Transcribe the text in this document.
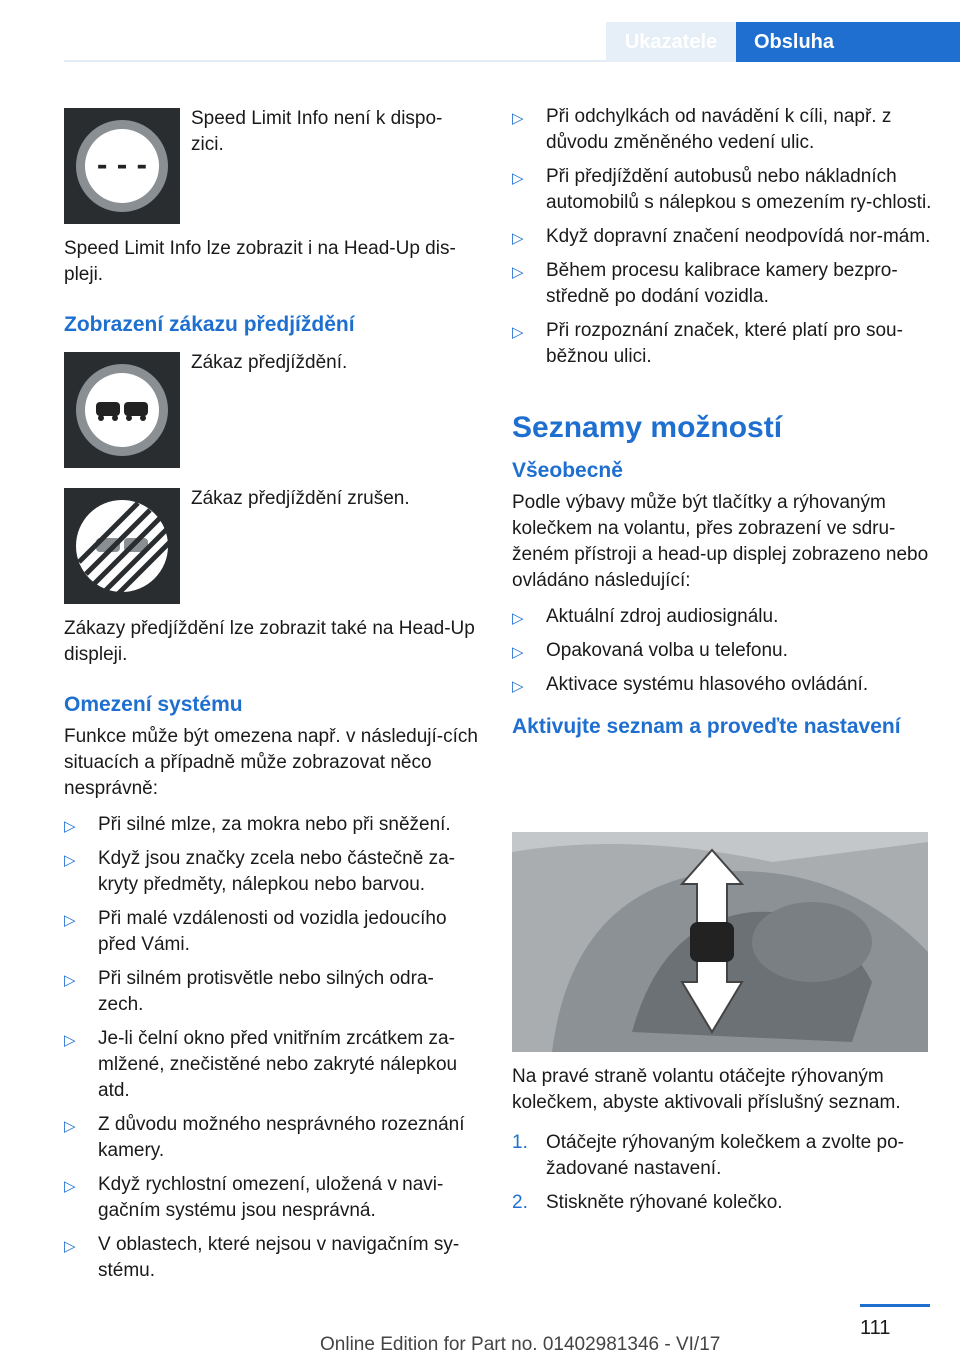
Ukazatele	Obsluha
- - -
Speed Limit Info není k dispo-zici.

Speed Limit Info lze zobrazit i na Head-Up dis-pleji.

Zobrazení zákazu předjíždění
Zákaz předjíždění.
Zákaz předjíždění zrušen.

Zákazy předjíždění lze zobrazit také na Head-Up displeji.

Omezení systému

Funkce může být omezena např. v následují-cích situacích a případně může zobrazovat něco nesprávně:

▷ Při silné mlze, za mokra nebo při sněžení.
▷ Když jsou značky zcela nebo částečně za-kryty předměty, nálepkou nebo barvou.
▷ Při malé vzdálenosti od vozidla jedoucího před Vámi.
▷ Při silném protisvětle nebo silných odra-zech.
▷ Je-li čelní okno před vnitřním zrcátkem za-mlžené, znečistěné nebo zakryté nálepkou atd.
▷ Z důvodu možného nesprávného rozeznání kamery.
▷ Když rychlostní omezení, uložená v navi-gačním systému jsou nesprávná.
▷ V oblastech, které nejsou v navigačním sy-stému.
▷ Při odchylkách od navádění k cíli, např. z důvodu změněného vedení ulic.
▷ Při předjíždění autobusů nebo nákladních automobilů s nálepkou s omezením ry-chlosti.
▷ Když dopravní značení neodpovídá nor-mám.
▷ Během procesu kalibrace kamery bezpro-středně po dodání vozidla.
▷ Při rozpoznání značek, které platí pro sou-běžnou ulici.
Seznamy možností
Všeobecně

Podle výbavy může být tlačítky a rýhovaným kolečkem na volantu, přes zobrazení ve sdru-ženém přístroji a head-up displej zobrazeno nebo ovládáno následující:

▷ Aktuální zdroj audiosignálu.
▷ Opakovaná volba u telefonu.
▷ Aktivace systému hlasového ovládání.
Aktivujte seznam a proveďte nastavení

Na pravé straně volantu otáčejte rýhovaným kolečkem, abyste aktivovali příslušný seznam.

1. Otáčejte rýhovaným kolečkem a zvolte po-žadované nastavení.
2. Stiskněte rýhované kolečko.
111
Online Edition for Part no. 01402981346 - VI/17
